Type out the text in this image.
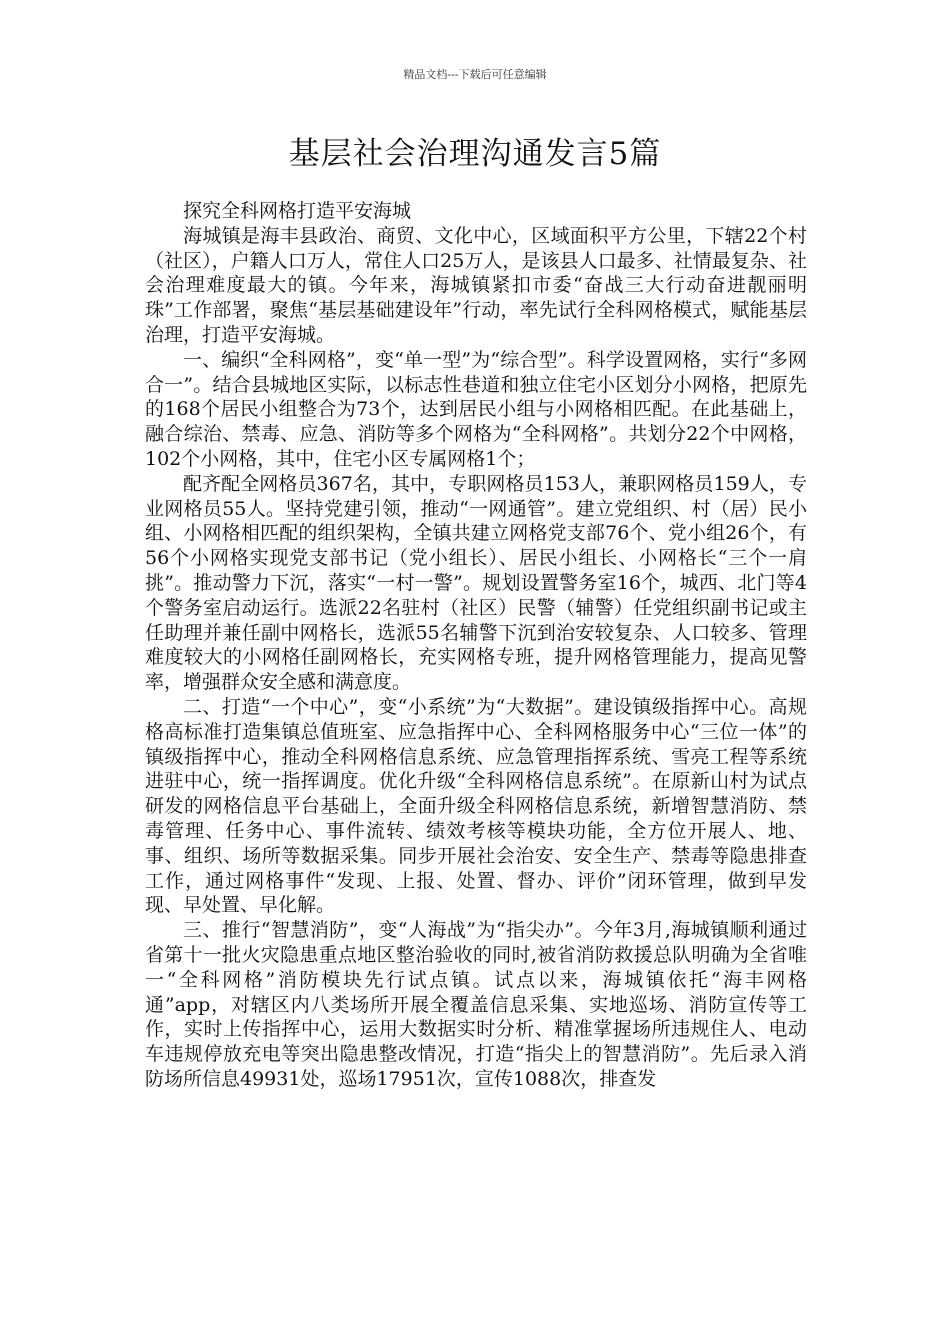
精品文档---下载后可任意编辑
基层社会治理沟通发言5篇

探究全科网格打造平安海城

海城镇是海丰县政治、商贸、文化中心，区域面积平方公里，下辖22个村（社区），户籍人口万人，常住人口25万人，是该县人口最多、社情最复杂、社会治理难度最大的镇。今年来，海城镇紧扣市委“奋战三大行动奋进靓丽明珠”工作部署，聚焦“基层基础建设年”行动，率先试行全科网格模式，赋能基层治理，打造平安海城。

一、编织“全科网格”，变“单一型”为“综合型”。科学设置网格，实行“多网合一”。结合县城地区实际，以标志性巷道和独立住宅小区划分小网格，把原先的168个居民小组整合为73个，达到居民小组与小网格相匹配。在此基础上，融合综治、禁毒、应急、消防等多个网格为“全科网格”。共划分22个中网格，102个小网格，其中，住宅小区专属网格1个；

配齐配全网格员367名，其中，专职网格员153人，兼职网格员159人，专业网格员55人。坚持党建引领，推动“一网通管”。建立党组织、村（居）民小组、小网格相匹配的组织架构，全镇共建立网格党支部76个、党小组26个，有56个小网格实现党支部书记（党小组长）、居民小组长、小网格长“三个一肩挑”。推动警力下沉，落实“一村一警”。规划设置警务室16个，城西、北门等4个警务室启动运行。选派22名驻村（社区）民警（辅警）任党组织副书记或主任助理并兼任副中网格长，选派55名辅警下沉到治安较复杂、人口较多、管理难度较大的小网格任副网格长，充实网格专班，提升网格管理能力，提高见警率，增强群众安全感和满意度。

二、打造“一个中心”，变“小系统”为“大数据”。建设镇级指挥中心。高规格高标准打造集镇总值班室、应急指挥中心、全科网格服务中心“三位一体”的镇级指挥中心，推动全科网格信息系统、应急管理指挥系统、雪亮工程等系统进驻中心，统一指挥调度。优化升级“全科网格信息系统”。在原新山村为试点研发的网格信息平台基础上，全面升级全科网格信息系统，新增智慧消防、禁毒管理、任务中心、事件流转、绩效考核等模块功能，全方位开展人、地、事、组织、场所等数据采集。同步开展社会治安、安全生产、禁毒等隐患排查工作，通过网格事件“发现、上报、处置、督办、评价”闭环管理，做到早发现、早处置、早化解。

三、推行“智慧消防”，变“人海战”为“指尖办”。今年3月,海城镇顺利通过省第十一批火灾隐患重点地区整治验收的同时,被省消防救援总队明确为全省唯一“全科网格”消防模块先行试点镇。试点以来，海城镇依托“海丰网格通”app，对辖区内八类场所开展全覆盖信息采集、实地巡场、消防宣传等工作，实时上传指挥中心，运用大数据实时分析、精准掌握场所违规住人、电动车违规停放充电等突出隐患整改情况，打造“指尖上的智慧消防”。先后录入消防场所信息49931处，巡场17951次，宣传1088次，排查发
